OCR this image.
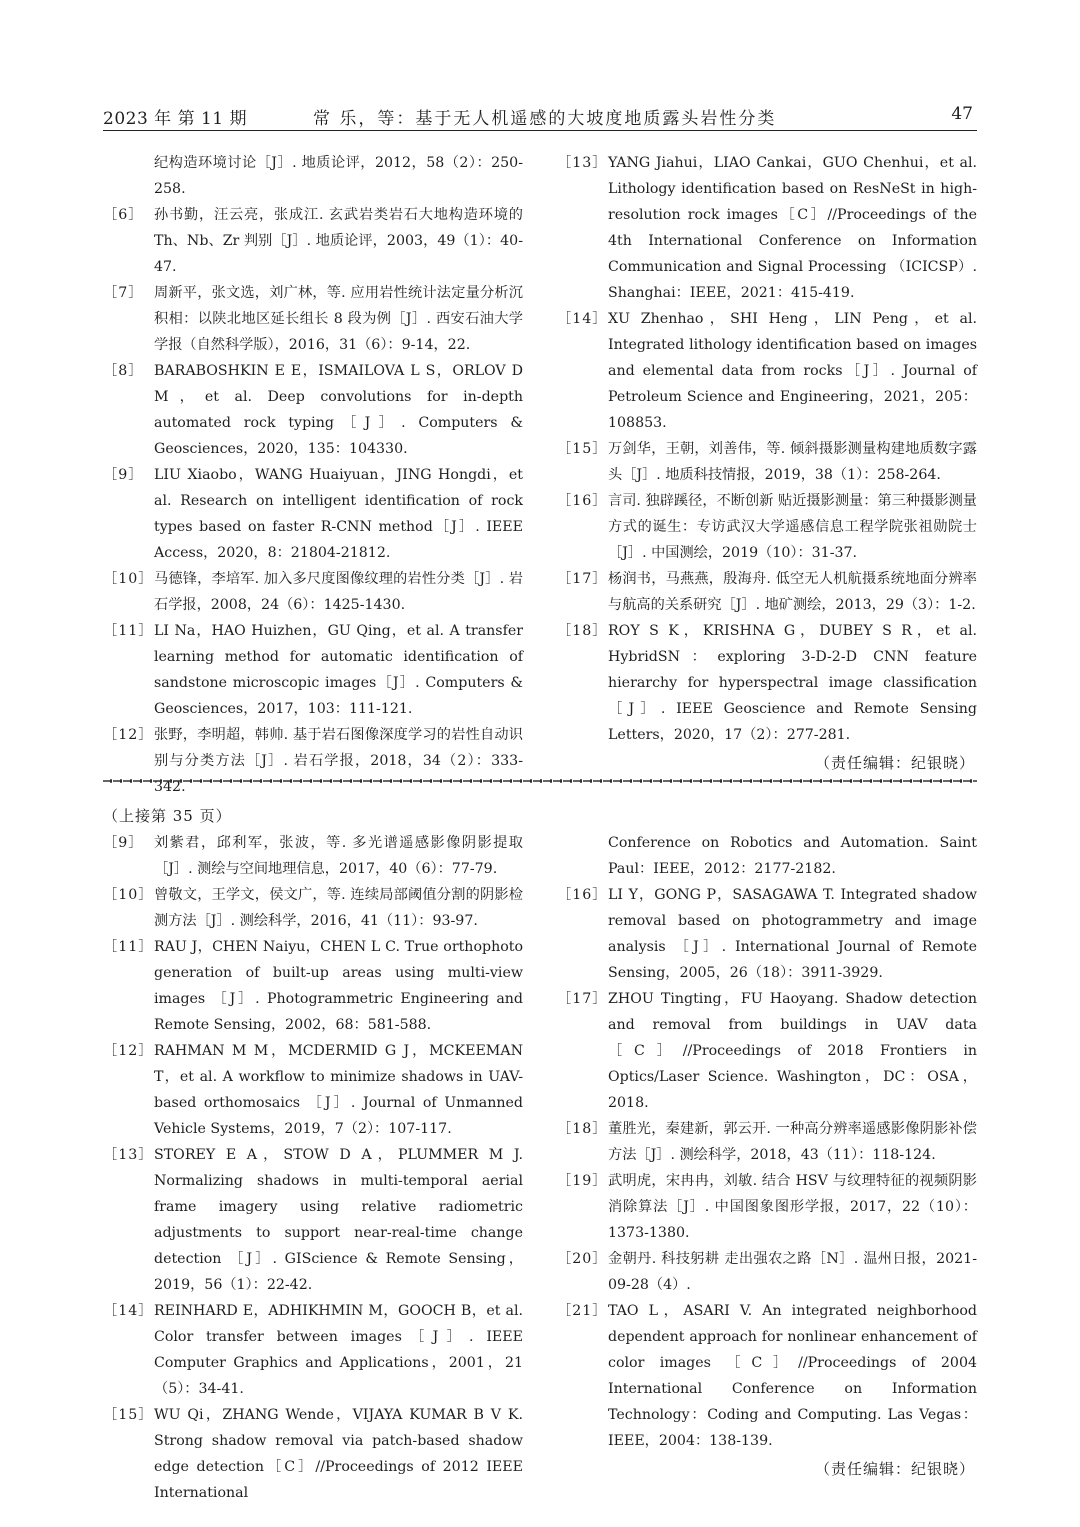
2023 年 第 11 期	常 乐，等：基于无人机遥感的大坡度地质露头岩性分类	47
纪构造环境讨论［J］. 地质论评，2012，58（2）：250-258.
［6］ 孙书勤，汪云亮，张成江. 玄武岩类岩石大地构造环境的 Th、Nb、Zr 判别［J］. 地质论评，2003，49（1）：40-47.
［7］ 周新平，张文选，刘广林，等. 应用岩性统计法定量分析沉积相：以陕北地区延长组长 8 段为例［J］. 西安石油大学学报（自然科学版），2016，31（6）：9-14，22.
［8］ BARABOSHKIN E E，ISMAILOVA L S，ORLOV D M，et al. Deep convolutions for in-depth automated rock typing［J］. Computers & Geosciences，2020，135：104330.
［9］ LIU Xiaobo，WANG Huaiyuan，JING Hongdi，et al. Research on intelligent identification of rock types based on faster R-CNN method［J］. IEEE Access，2020，8：21804-21812.
［10］ 马德锋，李培军. 加入多尺度图像纹理的岩性分类［J］. 岩石学报，2008，24（6）：1425-1430.
［11］ LI Na，HAO Huizhen，GU Qing，et al. A transfer learning method for automatic identification of sandstone microscopic images［J］. Computers & Geosciences，2017，103：111-121.
［12］ 张野，李明超，韩帅. 基于岩石图像深度学习的岩性自动识别与分类方法［J］. 岩石学报，2018，34（2）：333-342.
［13］ YANG Jiahui，LIAO Cankai，GUO Chenhui，et al. Lithology identification based on ResNeSt in high-resolution rock images［C］//Proceedings of the 4th International Conference on Information Communication and Signal Processing （ICICSP）. Shanghai：IEEE，2021：415-419.
［14］ XU Zhenhao，SHI Heng，LIN Peng，et al. Integrated lithology identification based on images and elemental data from rocks［J］. Journal of Petroleum Science and Engineering，2021，205：108853.
［15］ 万剑华，王朝，刘善伟，等. 倾斜摄影测量构建地质数字露头［J］. 地质科技情报，2019，38（1）：258-264.
［16］ 言司. 独辟蹊径，不断创新 贴近摄影测量：第三种摄影测量方式的诞生：专访武汉大学遥感信息工程学院张祖勋院士［J］. 中国测绘，2019（10）：31-37.
［17］ 杨润书，马燕燕，殷海舟. 低空无人机航摄系统地面分辨率与航高的关系研究［J］. 地矿测绘，2013，29（3）：1-2.
［18］ ROY S K，KRISHNA G，DUBEY S R，et al. HybridSN：exploring 3-D-2-D CNN feature hierarchy for hyperspectral image classification［J］. IEEE Geoscience and Remote Sensing Letters，2020，17（2）：277-281.
（责任编辑：纪银晓）
（上接第 35 页）
［9］ 刘紫君，邱利军，张波，等. 多光谱遥感影像阴影提取［J］. 测绘与空间地理信息，2017，40（6）：77-79.
［10］ 曾敬文，王学文，侯文广，等. 连续局部阈值分割的阴影检测方法［J］. 测绘科学，2016，41（11）：93-97.
［11］ RAU J，CHEN Naiyu，CHEN L C. True orthophoto generation of built-up areas using multi-view images ［J］. Photogrammetric Engineering and Remote Sensing，2002，68：581-588.
［12］ RAHMAN M M，MCDERMID G J，MCKEEMAN T，et al. A workflow to minimize shadows in UAV-based orthomosaics ［J］. Journal of Unmanned Vehicle Systems，2019，7（2）：107-117.
［13］ STOREY E A，STOW D A，PLUMMER M J. Normalizing shadows in multi-temporal aerial frame imagery using relative radiometric adjustments to support near-real-time change detection ［J］. GIScience & Remote Sensing，2019，56（1）：22-42.
［14］ REINHARD E，ADHIKHMIN M，GOOCH B，et al. Color transfer between images［J］. IEEE Computer Graphics and Applications，2001，21（5）：34-41.
［15］ WU Qi，ZHANG Wende，VIJAYA KUMAR B V K. Strong shadow removal via patch-based shadow edge detection［C］//Proceedings of 2012 IEEE International
Conference on Robotics and Automation. Saint Paul：IEEE，2012：2177-2182.
［16］ LI Y，GONG P，SASAGAWA T. Integrated shadow removal based on photogrammetry and image analysis ［J］. International Journal of Remote Sensing，2005，26（18）：3911-3929.
［17］ ZHOU Tingting，FU Haoyang. Shadow detection and removal from buildings in UAV data［C］//Proceedings of 2018 Frontiers in Optics/Laser Science. Washington，DC：OSA，2018.
［18］ 董胜光，秦建新，郭云开. 一种高分辨率遥感影像阴影补偿方法［J］. 测绘科学，2018，43（11）：118-124.
［19］ 武明虎，宋冉冉，刘敏. 结合 HSV 与纹理特征的视频阴影消除算法［J］. 中国图象图形学报，2017，22（10）：1373-1380.
［20］ 金朝丹. 科技躬耕 走出强农之路［N］. 温州日报，2021-09-28（4）.
［21］ TAO L，ASARI V. An integrated neighborhood dependent approach for nonlinear enhancement of color images ［C］//Proceedings of 2004 International Conference on Information Technology：Coding and Computing. Las Vegas：IEEE，2004：138-139.
（责任编辑：纪银晓）
